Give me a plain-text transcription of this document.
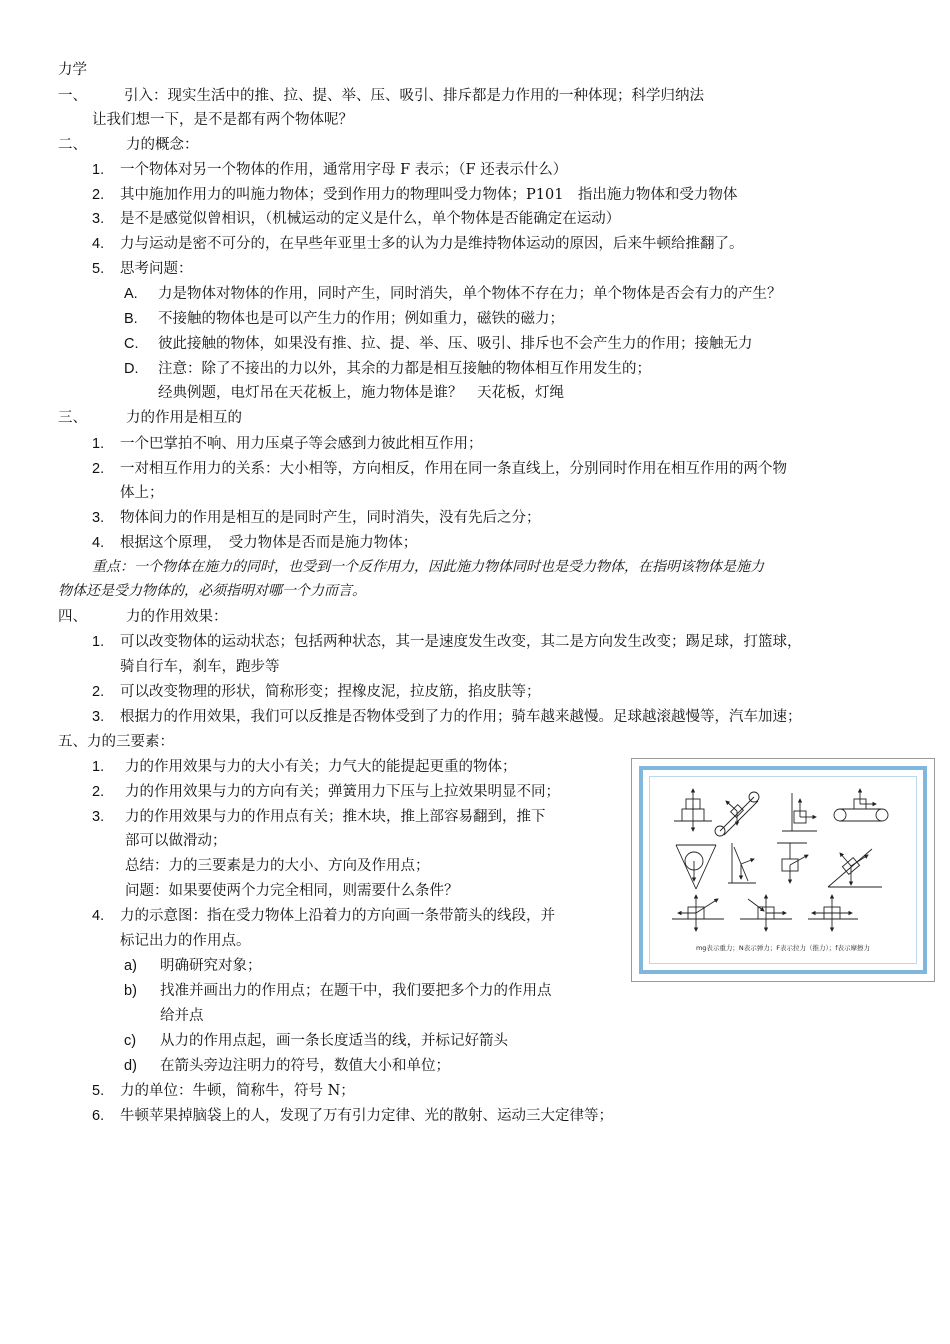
力学
一、	引入：现实生活中的推、拉、提、举、压、吸引、排斥都是力作用的一种体现；科学归纳法
让我们想一下，是不是都有两个物体呢？
二、	力的概念：
1. 一个物体对另一个物体的作用，通常用字母 F 表示；（F 还表示什么）
2. 其中施加作用力的叫施力物体；受到作用力的物理叫受力物体；P101　指出施力物体和受力物体
3. 是不是感觉似曾相识，（机械运动的定义是什么，单个物体是否能确定在运动）
4. 力与运动是密不可分的，在早些年亚里士多的认为力是维持物体运动的原因，后来牛顿给推翻了。
5. 思考问题：
A. 力是物体对物体的作用，同时产生，同时消失，单个物体不存在力；单个物体是否会有力的产生？
B. 不接触的物体也是可以产生力的作用；例如重力，磁铁的磁力；
C. 彼此接触的物体，如果没有推、拉、提、举、压、吸引、排斥也不会产生力的作用；接触无力
D. 注意：除了不接出的力以外，其余的力都是相互接触的物体相互作用发生的；
经典例题，电灯吊在天花板上，施力物体是谁？　天花板，灯绳
三、	力的作用是相互的
1. 一个巴掌拍不响、用力压桌子等会感到力彼此相互作用；
2. 一对相互作用力的关系：大小相等，方向相反，作用在同一条直线上，分别同时作用在相互作用的两个物
体上；
3. 物体间力的作用是相互的是同时产生，同时消失，没有先后之分；
4. 根据这个原理，　受力物体是否而是施力物体；
重点：一个物体在施力的同时，也受到一个反作用力，因此施力物体同时也是受力物体，在指明该物体是施力
物体还是受力物体的，必须指明对哪一个力而言。
四、	力的作用效果：
1. 可以改变物体的运动状态；包括两种状态，其一是速度发生改变，其二是方向发生改变；踢足球，打篮球，
骑自行车，刹车，跑步等
2. 可以改变物理的形状，简称形变；捏橡皮泥，拉皮筋，掐皮肤等；
3. 根据力的作用效果，我们可以反推是否物体受到了力的作用；骑车越来越慢。足球越滚越慢等，汽车加速；
五、力的三要素：
1. 力的作用效果与力的大小有关；力气大的能提起更重的物体；
2. 力的作用效果与力的方向有关；弹簧用力下压与上拉效果明显不同；
3. 力的作用效果与力的作用点有关；推木块，推上部容易翻到，推下
部可以做滑动；
总结：力的三要素是力的大小、方向及作用点；
问题：如果要使两个力完全相同，则需要什么条件？
4. 力的示意图：指在受力物体上沿着力的方向画一条带箭头的线段，并
标记出力的作用点。
a) 明确研究对象；
b) 找准并画出力的作用点；在题干中，我们要把多个力的作用点
给并点
c) 从力的作用点起，画一条长度适当的线，并标记好箭头
d) 在箭头旁边注明力的符号，数值大小和单位；
5. 力的单位：牛顿，简称牛，符号 N；
6. 牛顿苹果掉脑袋上的人，发现了万有引力定律、光的散射、运动三大定律等；
mg表示重力；N表示弹力；F表示拉力（推力）；f表示摩擦力
